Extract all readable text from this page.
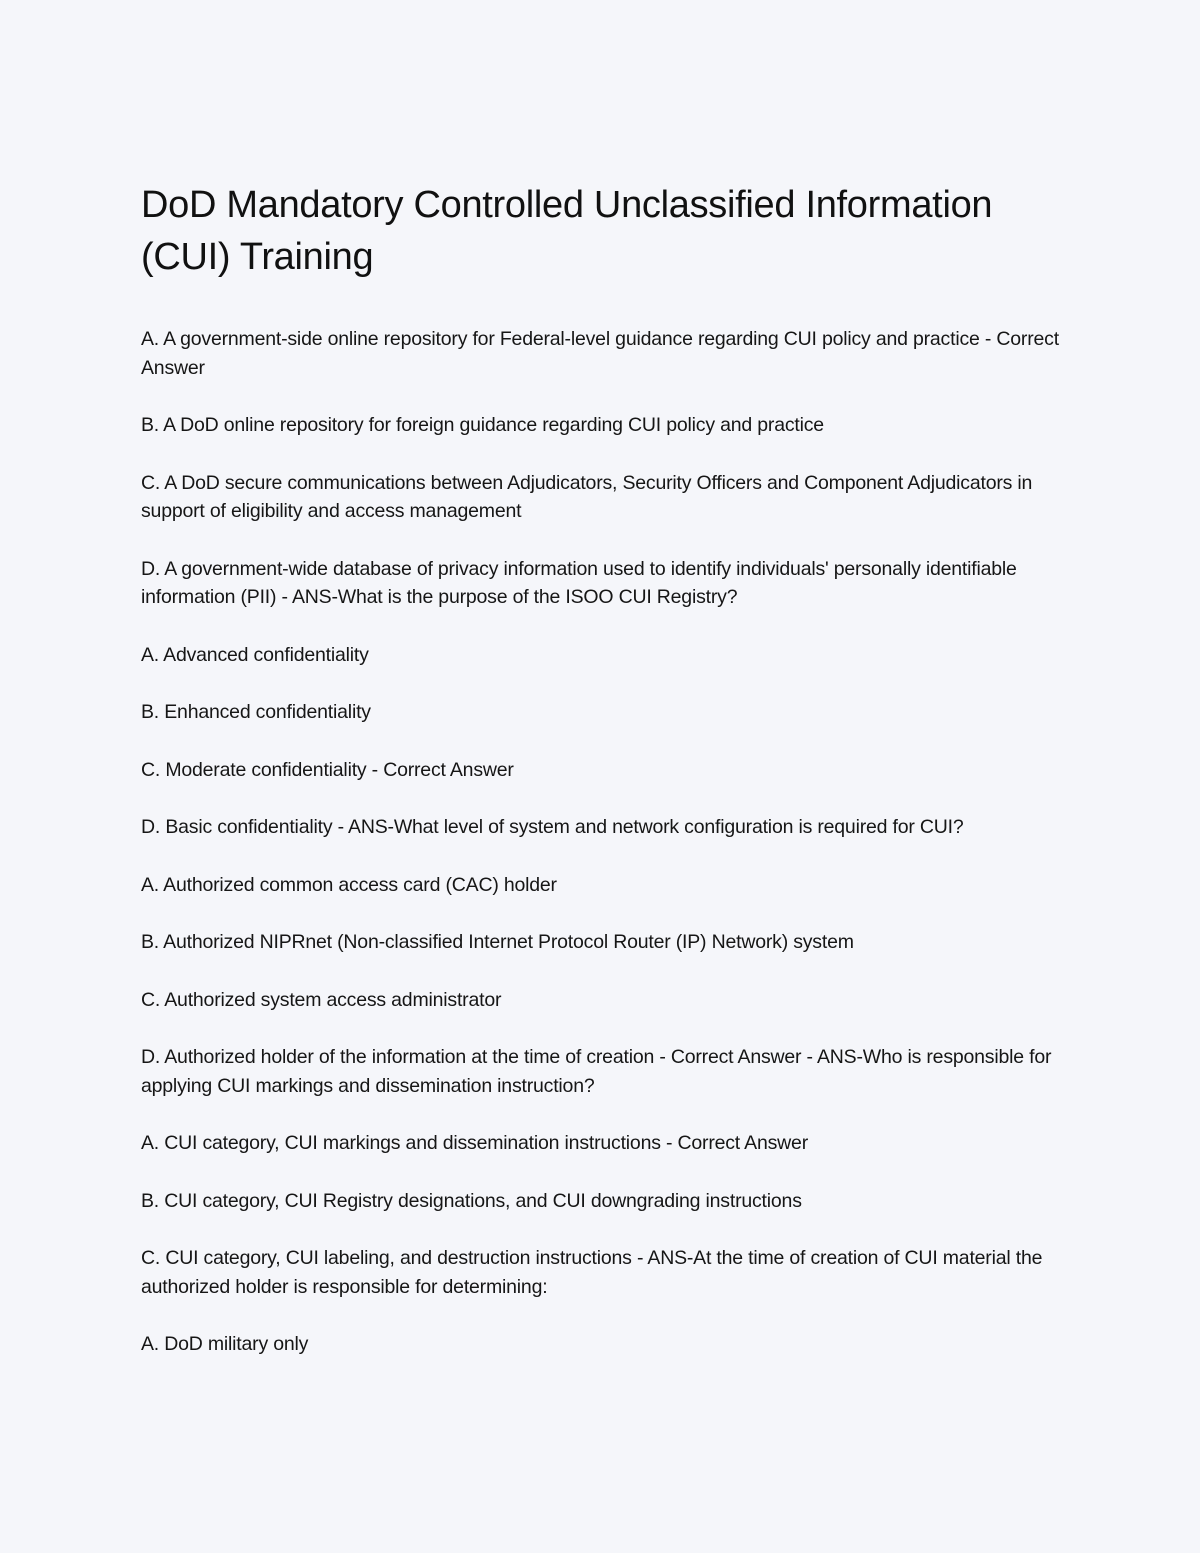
DoD Mandatory Controlled Unclassified Information (CUI) Training

A. A government-side online repository for Federal-level guidance regarding CUI policy and practice - Correct Answer

B. A DoD online repository for foreign guidance regarding CUI policy and practice

C. A DoD secure communications between Adjudicators, Security Officers and Component Adjudicators in support of eligibility and access management

D. A government-wide database of privacy information used to identify individuals' personally identifiable information (PII) - ANS-What is the purpose of the ISOO CUI Registry?

A. Advanced confidentiality

B. Enhanced confidentiality

C. Moderate confidentiality - Correct Answer

D. Basic confidentiality - ANS-What level of system and network configuration is required for CUI?

A. Authorized common access card (CAC) holder

B. Authorized NIPRnet (Non-classified Internet Protocol Router (IP) Network) system

C. Authorized system access administrator

D. Authorized holder of the information at the time of creation - Correct Answer - ANS-Who is responsible for applying CUI markings and dissemination instruction?

A. CUI category, CUI markings and dissemination instructions - Correct Answer

B. CUI category, CUI Registry designations, and CUI downgrading instructions

C. CUI category, CUI labeling, and destruction instructions - ANS-At the time of creation of CUI material the authorized holder is responsible for determining:

A. DoD military only
